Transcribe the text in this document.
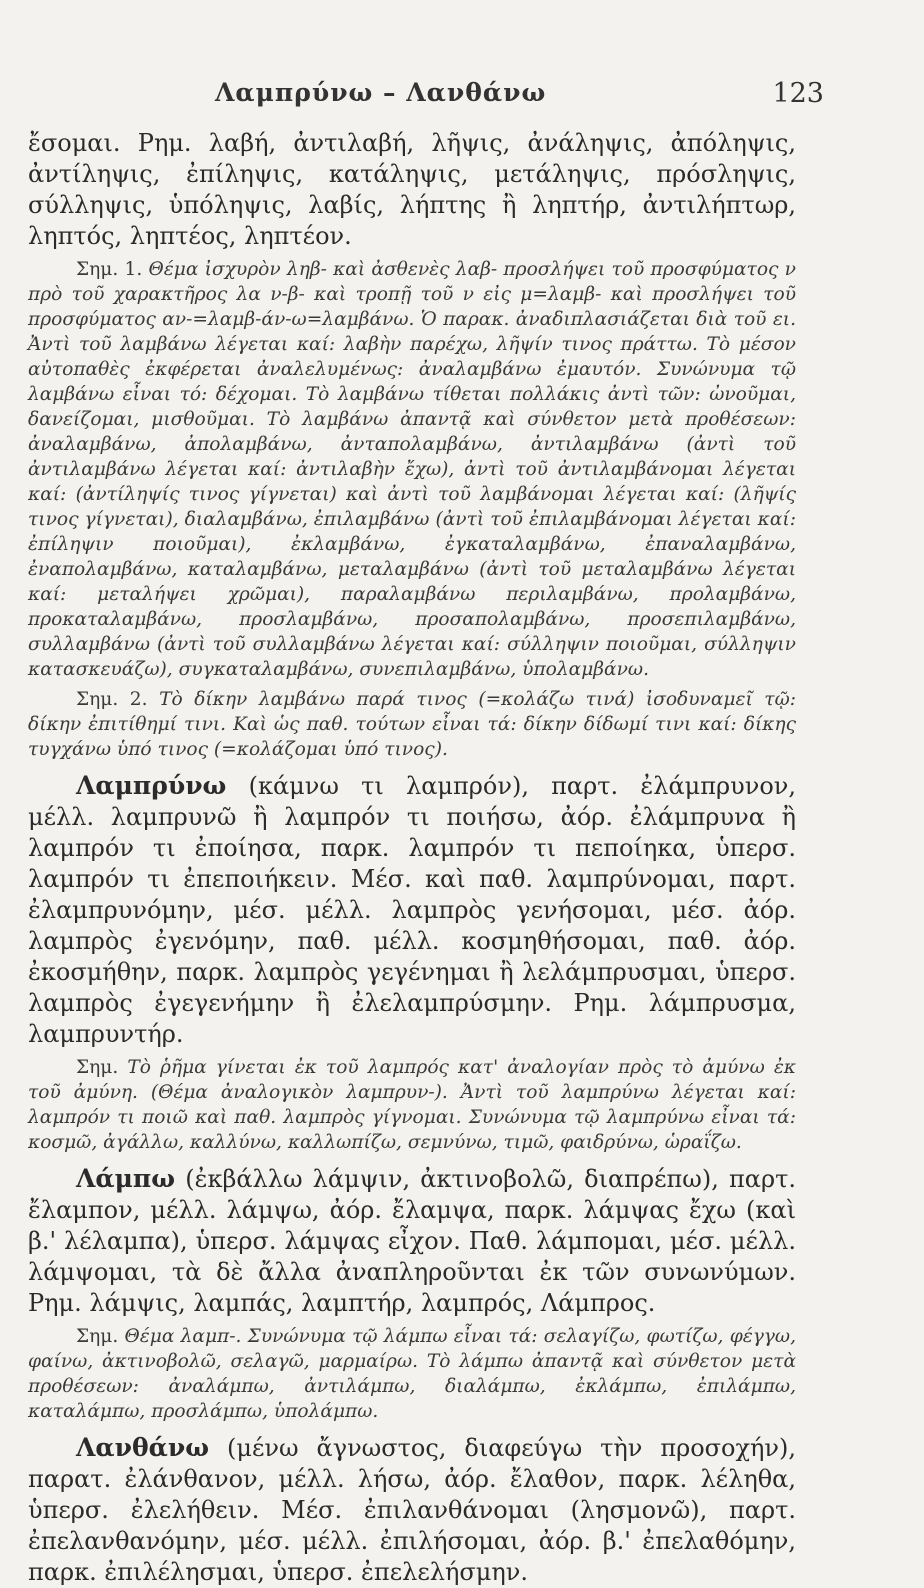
Λαμπρύνω – Λανθάνω	123

ἔσομαι. Ρημ. λαβή, ἀντιλαβή, λῆψις, ἀνάληψις, ἀπόληψις, ἀντίληψις, ἐπίληψις, κατάληψις, μετάληψις, πρόσληψις, σύλληψις, ὑπόληψις, λαβίς, λήπτης ἢ ληπτήρ, ἀντιλήπτωρ, ληπτός, ληπτέος, ληπτέον.

Σημ. 1. Θέμα ἰσχυρὸν ληβ- καὶ ἀσθενὲς λαβ- προσλήψει τοῦ προσφύματος ν πρὸ τοῦ χαρακτῆρος λα ν-β- καὶ τροπῇ τοῦ ν εἰς μ=λαμβ- καὶ προσλήψει τοῦ προσφύματος αν-=λαμβ-άν-ω=λαμβάνω. Ὁ παρακ. ἀναδιπλασιάζεται διὰ τοῦ ει. Ἀντὶ τοῦ λαμβάνω λέγεται καί: λαβὴν παρέχω, λῆψίν τινος πράττω. Τὸ μέσον αὐτοπαθὲς ἐκφέρεται ἀναλελυμένως: ἀναλαμβάνω ἐμαυτόν. Συνώνυμα τῷ λαμβάνω εἶναι τό: δέχομαι. Τὸ λαμβάνω τίθεται πολλάκις ἀντὶ τῶν: ὠνοῦμαι, δανείζομαι, μισθοῦμαι. Τὸ λαμβάνω ἀπαντᾷ καὶ σύνθετον μετὰ προθέσεων: ἀναλαμβάνω, ἀπολαμβάνω, ἀνταπολαμβάνω, ἀντιλαμβάνω (ἀντὶ τοῦ ἀντιλαμβάνω λέγεται καί: ἀντιλαβὴν ἔχω), ἀντὶ τοῦ ἀντιλαμβάνομαι λέγεται καί: (ἀντίληψίς τινος γίγνεται) καὶ ἀντὶ τοῦ λαμβάνομαι λέγεται καί: (λῆψίς τινος γίγνεται), διαλαμβάνω, ἐπιλαμβάνω (ἀντὶ τοῦ ἐπιλαμβάνομαι λέγεται καί: ἐπίληψιν ποιοῦμαι), ἐκλαμβάνω, ἐγκαταλαμβάνω, ἐπαναλαμβάνω, ἐναπολαμβάνω, καταλαμβάνω, μεταλαμβάνω (ἀντὶ τοῦ μεταλαμβάνω λέγεται καί: μεταλήψει χρῶμαι), παραλαμβάνω περιλαμβάνω, προλαμβάνω, προκαταλαμβάνω, προσλαμβάνω, προσαπολαμβάνω, προσεπιλαμβάνω, συλλαμβάνω (ἀντὶ τοῦ συλλαμβάνω λέγεται καί: σύλληψιν ποιοῦμαι, σύλληψιν κατασκευάζω), συγκαταλαμβάνω, συνεπιλαμβάνω, ὑπολαμβάνω.

Σημ. 2. Τὸ δίκην λαμβάνω παρά τινος (=κολάζω τινά) ἰσοδυναμεῖ τῷ: δίκην ἐπιτίθημί τινι. Καὶ ὡς παθ. τούτων εἶναι τά: δίκην δίδωμί τινι καί: δίκης τυγχάνω ὑπό τινος (=κολάζομαι ὑπό τινος).

Λαμπρύνω (κάμνω τι λαμπρόν), παρτ. ἐλάμπρυνον, μέλλ. λαμπρυνῶ ἢ λαμπρόν τι ποιήσω, ἀόρ. ἐλάμπρυνα ἢ λαμπρόν τι ἐποίησα, παρκ. λαμπρόν τι πεποίηκα, ὑπερσ. λαμπρόν τι ἐπεποιήκειν. Μέσ. καὶ παθ. λαμπρύνομαι, παρτ. ἐλαμπρυνόμην, μέσ. μέλλ. λαμπρὸς γενήσομαι, μέσ. ἀόρ. λαμπρὸς ἐγενόμην, παθ. μέλλ. κοσμηθήσομαι, παθ. ἀόρ. ἐκοσμήθην, παρκ. λαμπρὸς γεγένημαι ἢ λελάμπρυσμαι, ὑπερσ. λαμπρὸς ἐγεγενήμην ἢ ἐλελαμπρύσμην. Ρημ. λάμπρυσμα, λαμπρυντήρ.

Σημ. Τὸ ῥῆμα γίνεται ἐκ τοῦ λαμπρός κατ' ἀναλογίαν πρὸς τὸ ἀμύνω ἐκ τοῦ ἀμύνη. (Θέμα ἀναλογικὸν λαμπρυν-). Ἀντὶ τοῦ λαμπρύνω λέγεται καί: λαμπρόν τι ποιῶ καὶ παθ. λαμπρὸς γίγνομαι. Συνώνυμα τῷ λαμπρύνω εἶναι τά: κοσμῶ, ἀγάλλω, καλλύνω, καλλωπίζω, σεμνύνω, τιμῶ, φαιδρύνω, ὡραΐζω.

Λάμπω (ἐκβάλλω λάμψιν, ἀκτινοβολῶ, διαπρέπω), παρτ. ἔλαμπον, μέλλ. λάμψω, ἀόρ. ἔλαμψα, παρκ. λάμψας ἔχω (καὶ β.' λέλαμπα), ὑπερσ. λάμψας εἶχον. Παθ. λάμπομαι, μέσ. μέλλ. λάμψομαι, τὰ δὲ ἄλλα ἀναπληροῦνται ἐκ τῶν συνωνύμων. Ρημ. λάμψις, λαμπάς, λαμπτήρ, λαμπρός, Λάμπρος.

Σημ. Θέμα λαμπ-. Συνώνυμα τῷ λάμπω εἶναι τά: σελαγίζω, φωτίζω, φέγγω, φαίνω, ἀκτινοβολῶ, σελαγῶ, μαρμαίρω. Τὸ λάμπω ἀπαντᾷ καὶ σύνθετον μετὰ προθέσεων: ἀναλάμπω, ἀντιλάμπω, διαλάμπω, ἐκλάμπω, ἐπιλάμπω, καταλάμπω, προσλάμπω, ὑπολάμπω.

Λανθάνω (μένω ἄγνωστος, διαφεύγω τὴν προσοχήν), παρατ. ἐλάνθανον, μέλλ. λήσω, ἀόρ. ἔλαθον, παρκ. λέληθα, ὑπερσ. ἐλελήθειν. Μέσ. ἐπιλανθάνομαι (λησμονῶ), παρτ. ἐπελανθανόμην, μέσ. μέλλ. ἐπιλήσομαι, ἀόρ. β.' ἐπελαθόμην, παρκ. ἐπιλέλησμαι, ὑπερσ. ἐπελελήσμην.
